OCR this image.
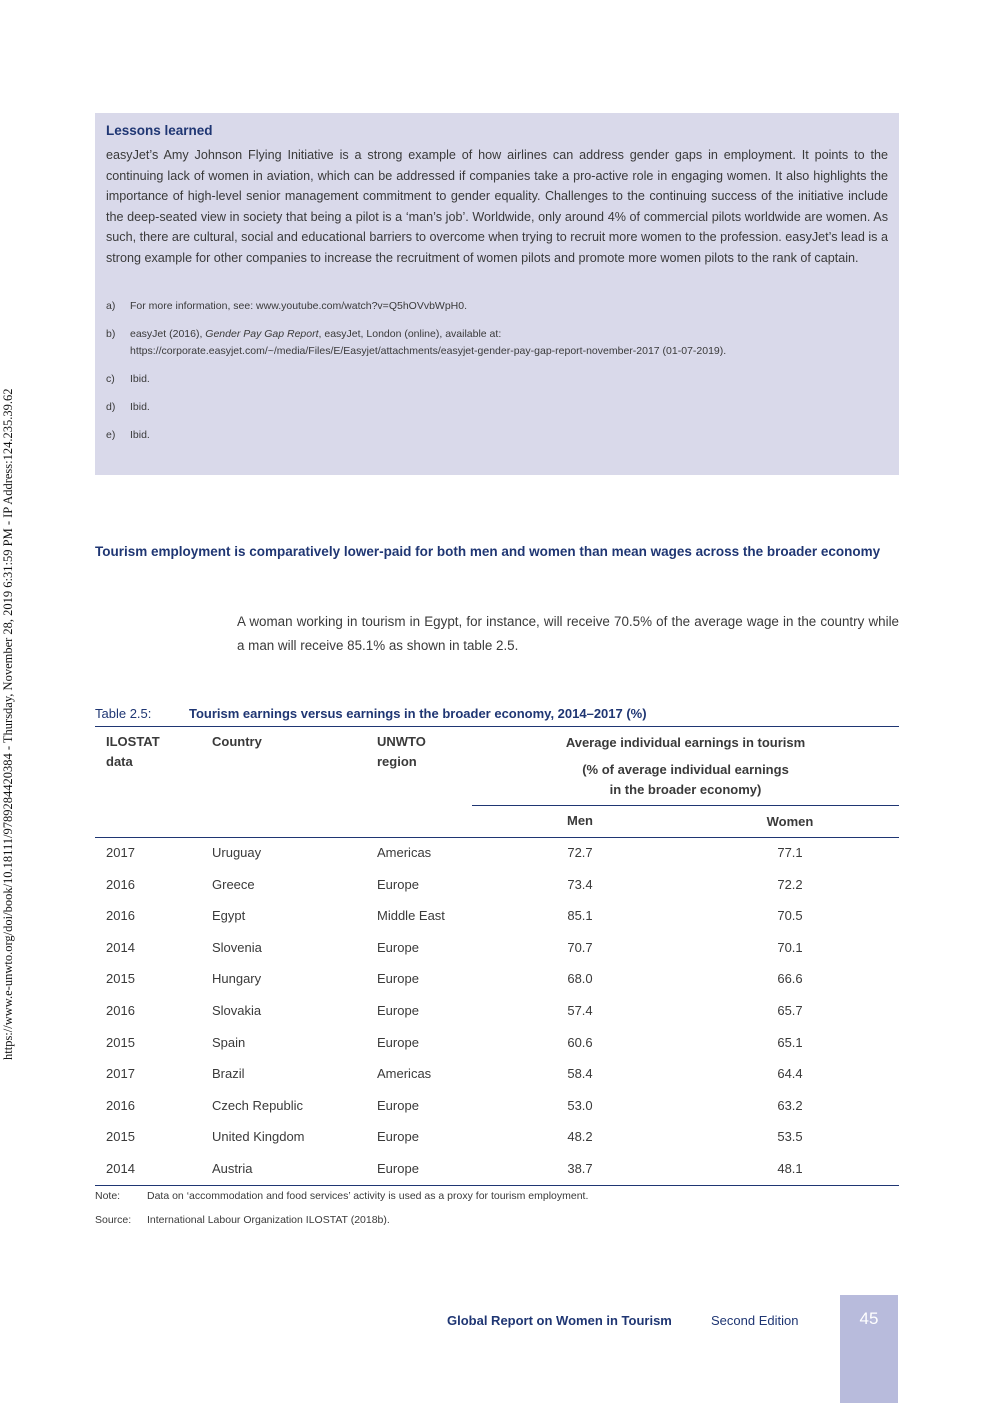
https://www.e-unwto.org/doi/book/10.18111/9789284420384 - Thursday, November 28, 2019 6:31:59 PM - IP Address:124.235.39.62

Lessons learned

easyJet’s Amy Johnson Flying Initiative is a strong example of how airlines can address gender gaps in employment. It points to the continuing lack of women in aviation, which can be addressed if companies take a pro-active role in engaging women. It also highlights the importance of high-level senior management commitment to gender equality. Challenges to the continuing success of the initiative include the deep-seated view in society that being a pilot is a ‘man’s job’. Worldwide, only around 4% of commercial pilots worldwide are women. As such, there are cultural, social and educational barriers to overcome when trying to recruit more women to the profession. easyJet’s lead is a strong example for other companies to increase the recruitment of women pilots and promote more women pilots to the rank of captain.

a)	For more information, see: www.youtube.com/watch?v=Q5hOVvbWpH0.
b)	easyJet (2016), Gender Pay Gap Report, easyJet, London (online), available at:
https://corporate.easyjet.com/~/media/Files/E/Easyjet/attachments/easyjet-gender-pay-gap-report-november-2017 (01-07-2019).
c)	Ibid.
d)	Ibid.
e)	Ibid.

Tourism employment is comparatively lower-paid for both men and women than mean wages across the broader economy

A woman working in tourism in Egypt, for instance, will receive 70.5% of the average wage in the country while a man will receive 85.1% as shown in table 2.5.

Table 2.5:	Tourism earnings versus earnings in the broader economy, 2014–2017 (%)
ILOSTAT
data
Country	UNWTO
region
Average individual earnings in tourism
(% of average individual earnings
in the broader economy)
Men	Women
2017	Uruguay	Americas	72.7	77.1
2016	Greece	Europe	73.4	72.2
2016	Egypt	Middle East	85.1	70.5
2014	Slovenia	Europe	70.7	70.1
2015	Hungary	Europe	68.0	66.6
2016	Slovakia	Europe	57.4	65.7
2015	Spain	Europe	60.6	65.1
2017	Brazil	Americas	58.4	64.4
2016	Czech Republic	Europe	53.0	63.2
2015	United Kingdom	Europe	48.2	53.5
2014	Austria	Europe	38.7	48.1
Note:	Data on ‘accommodation and food services’ activity is used as a proxy for tourism employment.
Source: International Labour Organization ILOSTAT (2018b).
Global Report on Women in Tourism	Second Edition	45
